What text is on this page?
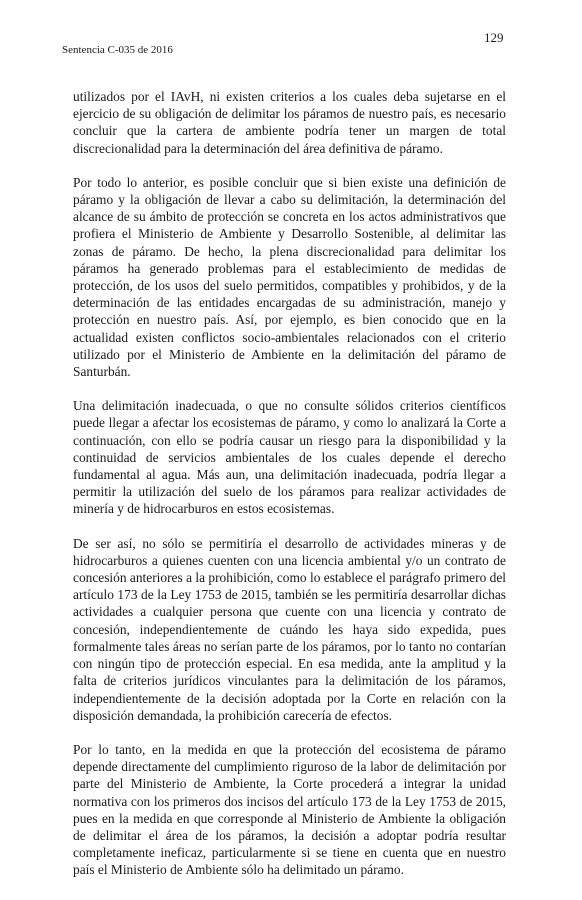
129
Sentencia C-035 de 2016

utilizados por el IAvH, ni existen criterios a los cuales deba sujetarse en el ejercicio de su obligación de delimitar los páramos de nuestro país, es necesario concluir que la cartera de ambiente podría tener un margen de total discrecionalidad para la determinación del área definitiva de páramo.

Por todo lo anterior, es posible concluir que si bien existe una definición de páramo y la obligación de llevar a cabo su delimitación, la determinación del alcance de su ámbito de protección se concreta en los actos administrativos que profiera el Ministerio de Ambiente y Desarrollo Sostenible, al delimitar las zonas de páramo. De hecho, la plena discrecionalidad para delimitar los páramos ha generado problemas para el establecimiento de medidas de protección, de los usos del suelo permitidos, compatibles y prohibidos, y de la determinación de las entidades encargadas de su administración, manejo y protección en nuestro país. Así, por ejemplo, es bien conocido que en la actualidad existen conflictos socio-ambientales relacionados con el criterio utilizado por el Ministerio de Ambiente en la delimitación del páramo de Santurbán.

Una delimitación inadecuada, o que no consulte sólidos criterios científicos puede llegar a afectar los ecosistemas de páramo, y como lo analizará la Corte a continuación, con ello se podría causar un riesgo para la disponibilidad y la continuidad de servicios ambientales de los cuales depende el derecho fundamental al agua. Más aun, una delimitación inadecuada, podría llegar a permitir la utilización del suelo de los páramos para realizar actividades de minería y de hidrocarburos en estos ecosistemas.

De ser así, no sólo se permitiría el desarrollo de actividades mineras y de hidrocarburos a quienes cuenten con una licencia ambiental y/o un contrato de concesión anteriores a la prohibición, como lo establece el parágrafo primero del artículo 173 de la Ley 1753 de 2015, también se les permitiría desarrollar dichas actividades a cualquier persona que cuente con una licencia y contrato de concesión, independientemente de cuándo les haya sido expedida, pues formalmente tales áreas no serían parte de los páramos, por lo tanto no contarían con ningún tipo de protección especial. En esa medida, ante la amplitud y la falta de criterios jurídicos vinculantes para la delimitación de los páramos, independientemente de la decisión adoptada por la Corte en relación con la disposición demandada, la prohibición carecería de efectos.

Por lo tanto, en la medida en que la protección del ecosistema de páramo depende directamente del cumplimiento riguroso de la labor de delimitación por parte del Ministerio de Ambiente, la Corte procederá a integrar la unidad normativa con los primeros dos incisos del artículo 173 de la Ley 1753 de 2015, pues en la medida en que corresponde al Ministerio de Ambiente la obligación de delimitar el área de los páramos, la decisión a adoptar podría resultar completamente ineficaz, particularmente si se tiene en cuenta que en nuestro país el Ministerio de Ambiente sólo ha delimitado un páramo.
